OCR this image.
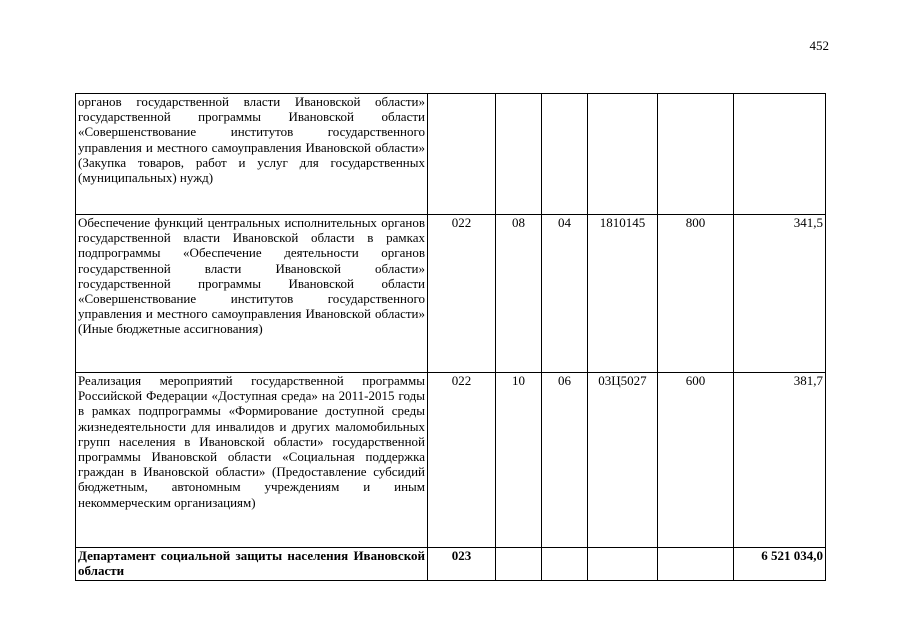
452
органов государственной власти Ивановской области» государственной программы Ивановской области «Совершенствование институтов государственного управления и местного самоуправления Ивановской области» (Закупка товаров, работ и услуг для государственных (муниципальных) нужд)						
Обеспечение функций центральных исполнительных органов государственной власти Ивановской области в рамках подпрограммы «Обеспечение деятельности органов государственной власти Ивановской области» государственной программы Ивановской области «Совершенствование институтов государственного управления и местного самоуправления Ивановской области» (Иные бюджетные ассигнования)	022	08	04	1810145	800	341,5
Реализация мероприятий государственной программы Российской Федерации «Доступная среда» на 2011-2015 годы в рамках подпрограммы «Формирование доступной среды жизнедеятельности для инвалидов и других маломобильных групп населения в Ивановской области» государственной программы Ивановской области «Социальная поддержка граждан в Ивановской области» (Предоставление субсидий бюджетным, автономным учреждениям и иным некоммерческим организациям)	022	10	06	03Ц5027	600	381,7
Департамент социальной защиты населения Ивановской области	023					6 521 034,0
